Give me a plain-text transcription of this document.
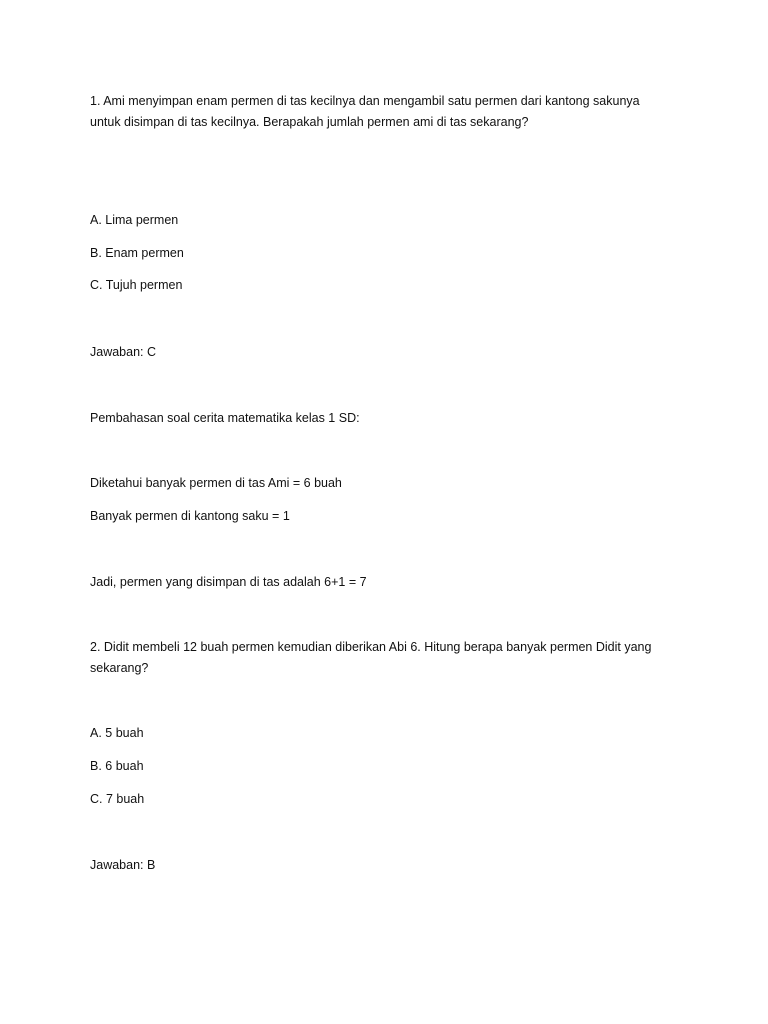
1. Ami menyimpan enam permen di tas kecilnya dan mengambil satu permen dari kantong sakunya
untuk disimpan di tas kecilnya. Berapakah jumlah permen ami di tas sekarang?
A. Lima permen
B. Enam permen
C. Tujuh permen
Jawaban: C
Pembahasan soal cerita matematika kelas 1 SD:
Diketahui banyak permen di tas Ami = 6 buah
Banyak permen di kantong saku = 1
Jadi, permen yang disimpan di tas adalah 6+1 = 7
2. Didit membeli 12 buah permen kemudian diberikan Abi 6. Hitung berapa banyak permen Didit yang
sekarang?
A. 5 buah
B. 6 buah
C. 7 buah
Jawaban: B
